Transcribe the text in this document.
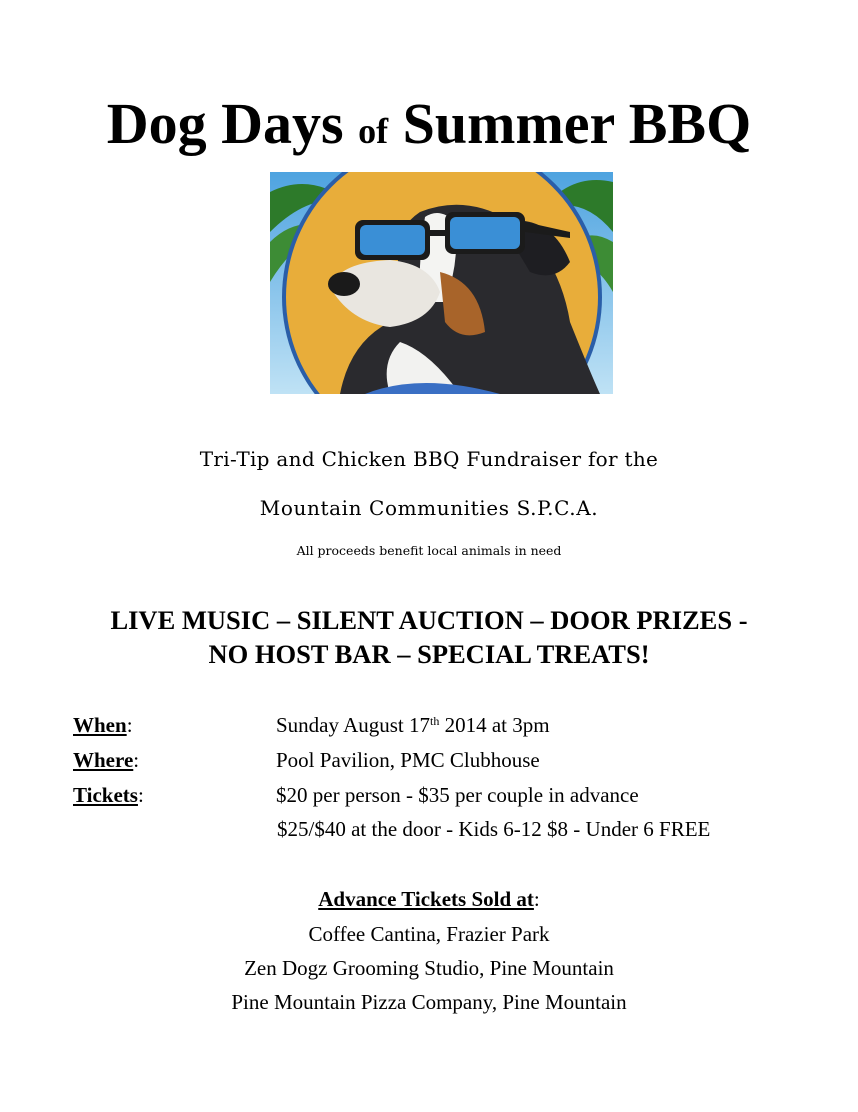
Dog Days of Summer BBQ
Tri-Tip and Chicken BBQ Fundraiser for the
Mountain Communities S.P.C.A.
All proceeds benefit local animals in need
LIVE MUSIC – SILENT AUCTION – DOOR PRIZES -
NO HOST BAR – SPECIAL TREATS!
When:	Sunday August 17th 2014 at 3pm
Where:	Pool Pavilion, PMC Clubhouse
Tickets:	$20 per person - $35 per couple in advance
$25/$40 at the door - Kids 6-12 $8 - Under 6 FREE
Advance Tickets Sold at:
Coffee Cantina, Frazier Park
Zen Dogz Grooming Studio, Pine Mountain
Pine Mountain Pizza Company, Pine Mountain
